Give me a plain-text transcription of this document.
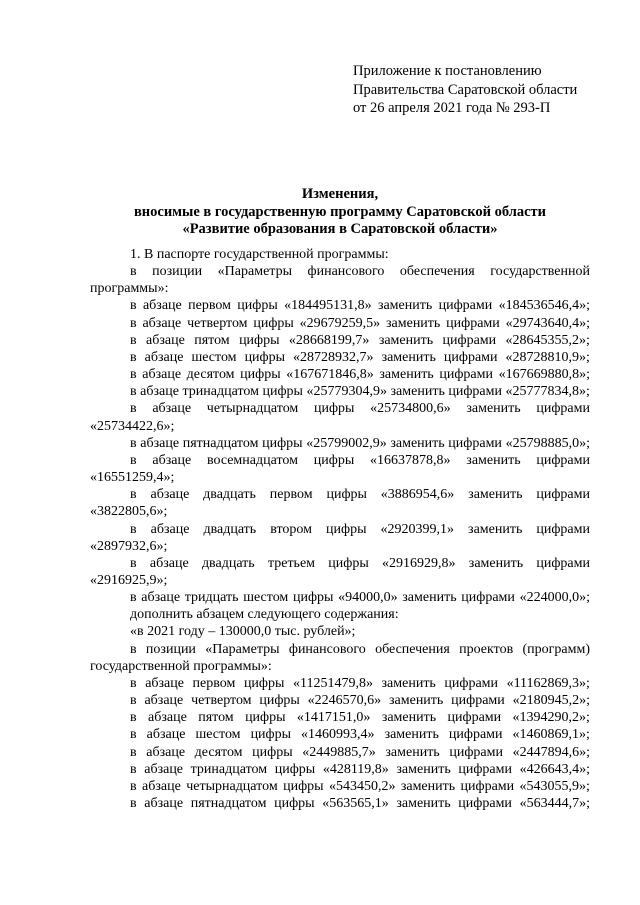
Приложение к постановлению
Правительства Саратовской области
от 26 апреля 2021 года № 293-П
Изменения,
вносимые в государственную программу Саратовской области
«Развитие образования в Саратовской области»

1. В паспорте государственной программы:

в позиции «Параметры финансового обеспечения государственной программы»:

в абзаце первом цифры «184495131,8» заменить цифрами «184536546,4»;

в абзаце четвертом цифры «29679259,5» заменить цифрами «29743640,4»;

в абзаце пятом цифры «28668199,7» заменить цифрами «28645355,2»;

в абзаце шестом цифры «28728932,7» заменить цифрами «28728810,9»;

в абзаце десятом цифры «167671846,8» заменить цифрами «167669880,8»;

в абзаце тринадцатом цифры «25779304,9» заменить цифрами «25777834,8»;

в абзаце четырнадцатом цифры «25734800,6» заменить цифрами «25734422,6»;

в абзаце пятнадцатом цифры «25799002,9» заменить цифрами «25798885,0»;

в абзаце восемнадцатом цифры «16637878,8» заменить цифрами «16551259,4»;

в абзаце двадцать первом цифры «3886954,6» заменить цифрами «3822805,6»;

в абзаце двадцать втором цифры «2920399,1» заменить цифрами «2897932,6»;

в абзаце двадцать третьем цифры «2916929,8» заменить цифрами «2916925,9»;

в абзаце тридцать шестом цифры «94000,0» заменить цифрами «224000,0»;

дополнить абзацем следующего содержания:

«в 2021 году – 130000,0 тыс. рублей»;

в позиции «Параметры финансового обеспечения проектов (программ) государственной программы»:

в абзаце первом цифры «11251479,8» заменить цифрами «11162869,3»;

в абзаце четвертом цифры «2246570,6» заменить цифрами «2180945,2»;

в абзаце пятом цифры «1417151,0» заменить цифрами «1394290,2»;

в абзаце шестом цифры «1460993,4» заменить цифрами «1460869,1»;

в абзаце десятом цифры «2449885,7» заменить цифрами «2447894,6»;

в абзаце тринадцатом цифры «428119,8» заменить цифрами «426643,4»;

в абзаце четырнадцатом цифры «543450,2» заменить цифрами «543055,9»;

в абзаце пятнадцатом цифры «563565,1» заменить цифрами «563444,7»;
